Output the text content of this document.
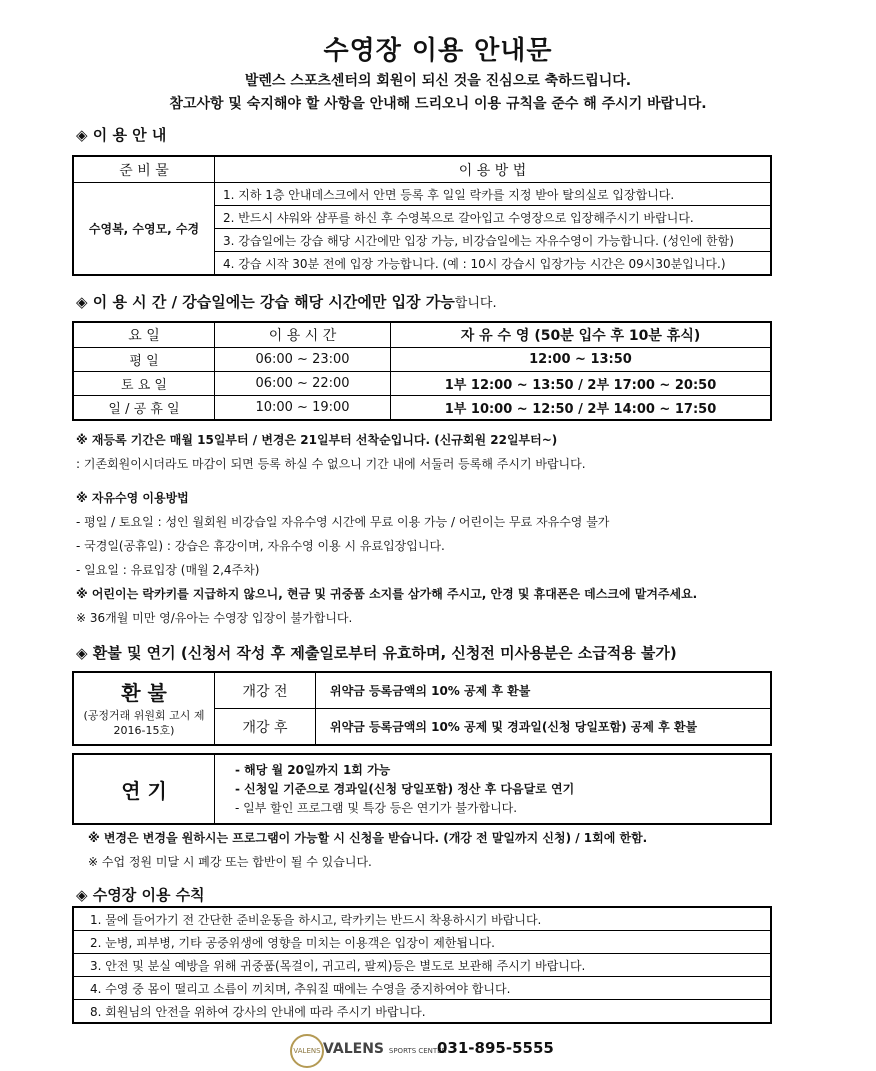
수영장 이용 안내문
발렌스 스포츠센터의 회원이 되신 것을 진심으로 축하드립니다.
참고사항 및 숙지해야 할 사항을 안내해 드리오니 이용 규칙을 준수 해 주시기 바랍니다.
◈ 이 용 안 내
준 비 물	이 용 방 법
수영복, 수영모, 수경	1. 지하 1층 안내데스크에서 안면 등록 후 일일 락카를 지정 받아 탈의실로 입장합니다.
	2. 반드시 샤워와 샴푸를 하신 후 수영복으로 갈아입고 수영장으로 입장해주시기 바랍니다.
	3. 강습일에는 강습 해당 시간에만 입장 가능, 비강습일에는 자유수영이 가능합니다. (성인에 한함)
	4. 강습 시작 30분 전에 입장 가능합니다. (예 : 10시 강습시 입장가능 시간은 09시30분입니다.)
◈ 이 용 시 간 / 강습일에는 강습 해당 시간에만 입장 가능합니다.
요 일	이 용 시 간	자 유 수 영 (50분 입수 후 10분 휴식)
평 일	06:00 ~ 23:00	12:00 ~ 13:50
토 요 일	06:00 ~ 22:00	1부 12:00 ~ 13:50 / 2부 17:00 ~ 20:50
일 / 공 휴 일	10:00 ~ 19:00	1부 10:00 ~ 12:50 / 2부 14:00 ~ 17:50
※ 재등록 기간은 매월 15일부터 / 변경은 21일부터 선착순입니다. (신규회원 22일부터~)
: 기존회원이시더라도 마감이 되면 등록 하실 수 없으니 기간 내에 서둘러 등록해 주시기 바랍니다.
※ 자유수영 이용방법
- 평일 / 토요일 : 성인 월회원 비강습일 자유수영 시간에 무료 이용 가능 / 어린이는 무료 자유수영 불가
- 국경일(공휴일) : 강습은 휴강이며, 자유수영 이용 시 유료입장입니다.
- 일요일 : 유료입장 (매월 2,4주차)
※ 어린이는 락카키를 지급하지 않으니, 현금 및 귀중품 소지를 삼가해 주시고, 안경 및 휴대폰은 데스크에 맡겨주세요.
※ 36개월 미만 영/유아는 수영장 입장이 불가합니다.
◈ 환불 및 연기 (신청서 작성 후 제출일로부터 유효하며, 신청전 미사용분은 소급적용 불가)
환 불
(공정거래 위원회 고시 제 2016-15호)	개강 전	위약금 등록금액의 10% 공제 후 환불
	개강 후	위약금 등록금액의 10% 공제 및 경과일(신청 당일포함) 공제 후 환불
연 기	
- 해당 월 20일까지 1회 가능
- 신청일 기준으로 경과일(신청 당일포함) 정산 후 다음달로 연기
- 일부 할인 프로그램 및 특강 등은 연기가 불가합니다.
※ 변경은 변경을 원하시는 프로그램이 가능할 시 신청을 받습니다. (개강 전 말일까지 신청) / 1회에 한함.
※ 수업 정원 미달 시 폐강 또는 합반이 될 수 있습니다.
◈ 수영장 이용 수칙
1. 물에 들어가기 전 간단한 준비운동을 하시고, 락카키는 반드시 착용하시기 바랍니다.
2. 눈병, 피부병, 기타 공중위생에 영향을 미치는 이용객은 입장이 제한됩니다.
3. 안전 및 분실 예방을 위해 귀중품(목걸이, 귀고리, 팔찌)등은 별도로 보관해 주시기 바랍니다.
4. 수영 중 몸이 떨리고 소름이 끼치며, 추워질 때에는 수영을 중지하여야 합니다.
8. 회원님의 안전을 위하여 강사의 안내에 따라 주시기 바랍니다.
VALENS VALENS SPORTS CENTER
031-895-5555
